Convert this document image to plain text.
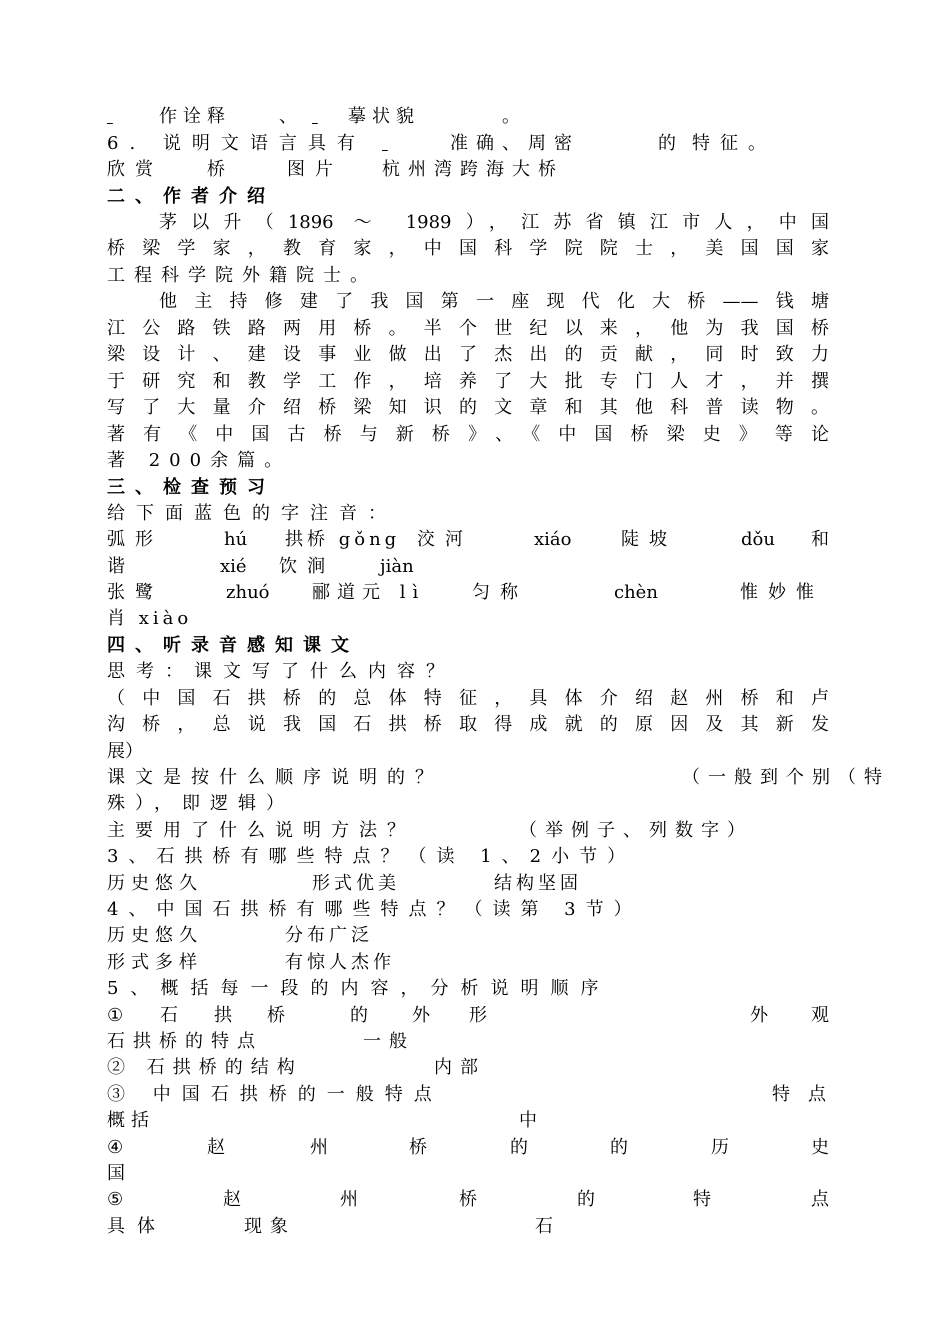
作诠释
	、	摹状貌
	。
6. 说明文语言具有	准确、周密	的
特征。
欣赏 桥	图片 杭州湾跨海大桥
二、作者介绍
茅以升（1896 ～ 1989），江苏省镇江市人，中国
桥梁学家，教育家，中国科学院院士，美国国家
工程科学院外籍院士。
他主持修建了我国第一座现代化大桥——钱塘
江公路铁路两用桥。半个世纪以来，他为我国桥
梁设计、建设事业做出了杰出的贡献，同时致力
于研究和教学工作，培养了大批专门人才，并撰
写了大量介绍桥梁知识的文章和其他科普读物。
著有《中国古桥与新桥》、《中国桥梁史》等论
著 200余篇。
三、检查预习
给下面蓝色的字注音：
弧形	hú 拱桥 gǒng 洨河	xiáo	陡坡	dǒu 和
谐	xié 饮涧	jiàn
张鹭	zhuó 郦道元 lì	匀称	chèn	惟妙惟
肖 xiào
四、听录音感知课文
思考：课文写了什么内容？
（中国石拱桥的总体特征，具体介绍赵州桥和卢
沟桥，总说我国石拱桥取得成就的原因及其新发
展）
课文是按什么顺序说明的？	（一般到个别（特
殊），即逻辑）
主要用了什么说明方法？	（举例子、列数字）
3、石拱桥有哪些特点？（读 1、2小节）
历史悠久	形式优美	结构坚固
4、中国石拱桥有哪些特点？（读第 3节）
历史悠久	分布广泛
形式多样	有惊人杰作
5、概括每一段的内容，分析说明顺序
① 石 拱 桥	的 外 形	外 观
石拱桥的特点	一般
② 石拱桥的结构	内部
③ 中国石拱桥的一般特点	特点
概括	中
④	赵	州	桥	的	的	历	史
国
⑤	赵	州	桥	的	特	点
具体	现象	石
